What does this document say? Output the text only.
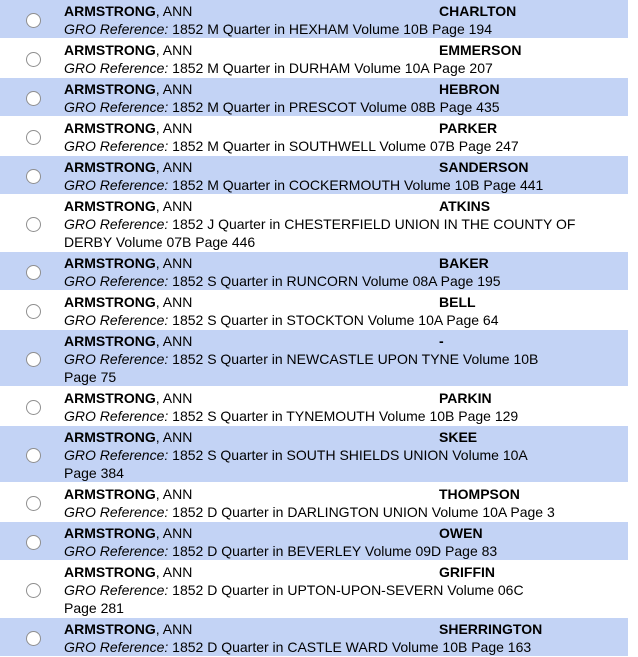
ARMSTRONG, ANN	CHARLTON
GRO Reference: 1852 M Quarter in HEXHAM Volume 10B Page 194
ARMSTRONG, ANN	EMMERSON
GRO Reference: 1852 M Quarter in DURHAM Volume 10A Page 207
ARMSTRONG, ANN	HEBRON
GRO Reference: 1852 M Quarter in PRESCOT Volume 08B Page 435
ARMSTRONG, ANN	PARKER
GRO Reference: 1852 M Quarter in SOUTHWELL Volume 07B Page 247
ARMSTRONG, ANN	SANDERSON
GRO Reference: 1852 M Quarter in COCKERMOUTH Volume 10B Page 441
ARMSTRONG, ANN	ATKINS
GRO Reference: 1852 J Quarter in CHESTERFIELD UNION IN THE COUNTY OF
DERBY Volume 07B Page 446
ARMSTRONG, ANN	BAKER
GRO Reference: 1852 S Quarter in RUNCORN Volume 08A Page 195
ARMSTRONG, ANN	BELL
GRO Reference: 1852 S Quarter in STOCKTON Volume 10A Page 64
ARMSTRONG, ANN	-
GRO Reference: 1852 S Quarter in NEWCASTLE UPON TYNE Volume 10B
Page 75
ARMSTRONG, ANN	PARKIN
GRO Reference: 1852 S Quarter in TYNEMOUTH Volume 10B Page 129
ARMSTRONG, ANN	SKEE
GRO Reference: 1852 S Quarter in SOUTH SHIELDS UNION Volume 10A
Page 384
ARMSTRONG, ANN	THOMPSON
GRO Reference: 1852 D Quarter in DARLINGTON UNION Volume 10A Page 3
ARMSTRONG, ANN	OWEN
GRO Reference: 1852 D Quarter in BEVERLEY Volume 09D Page 83
ARMSTRONG, ANN	GRIFFIN
GRO Reference: 1852 D Quarter in UPTON-UPON-SEVERN Volume 06C
Page 281
ARMSTRONG, ANN	SHERRINGTON
GRO Reference: 1852 D Quarter in CASTLE WARD Volume 10B Page 163
